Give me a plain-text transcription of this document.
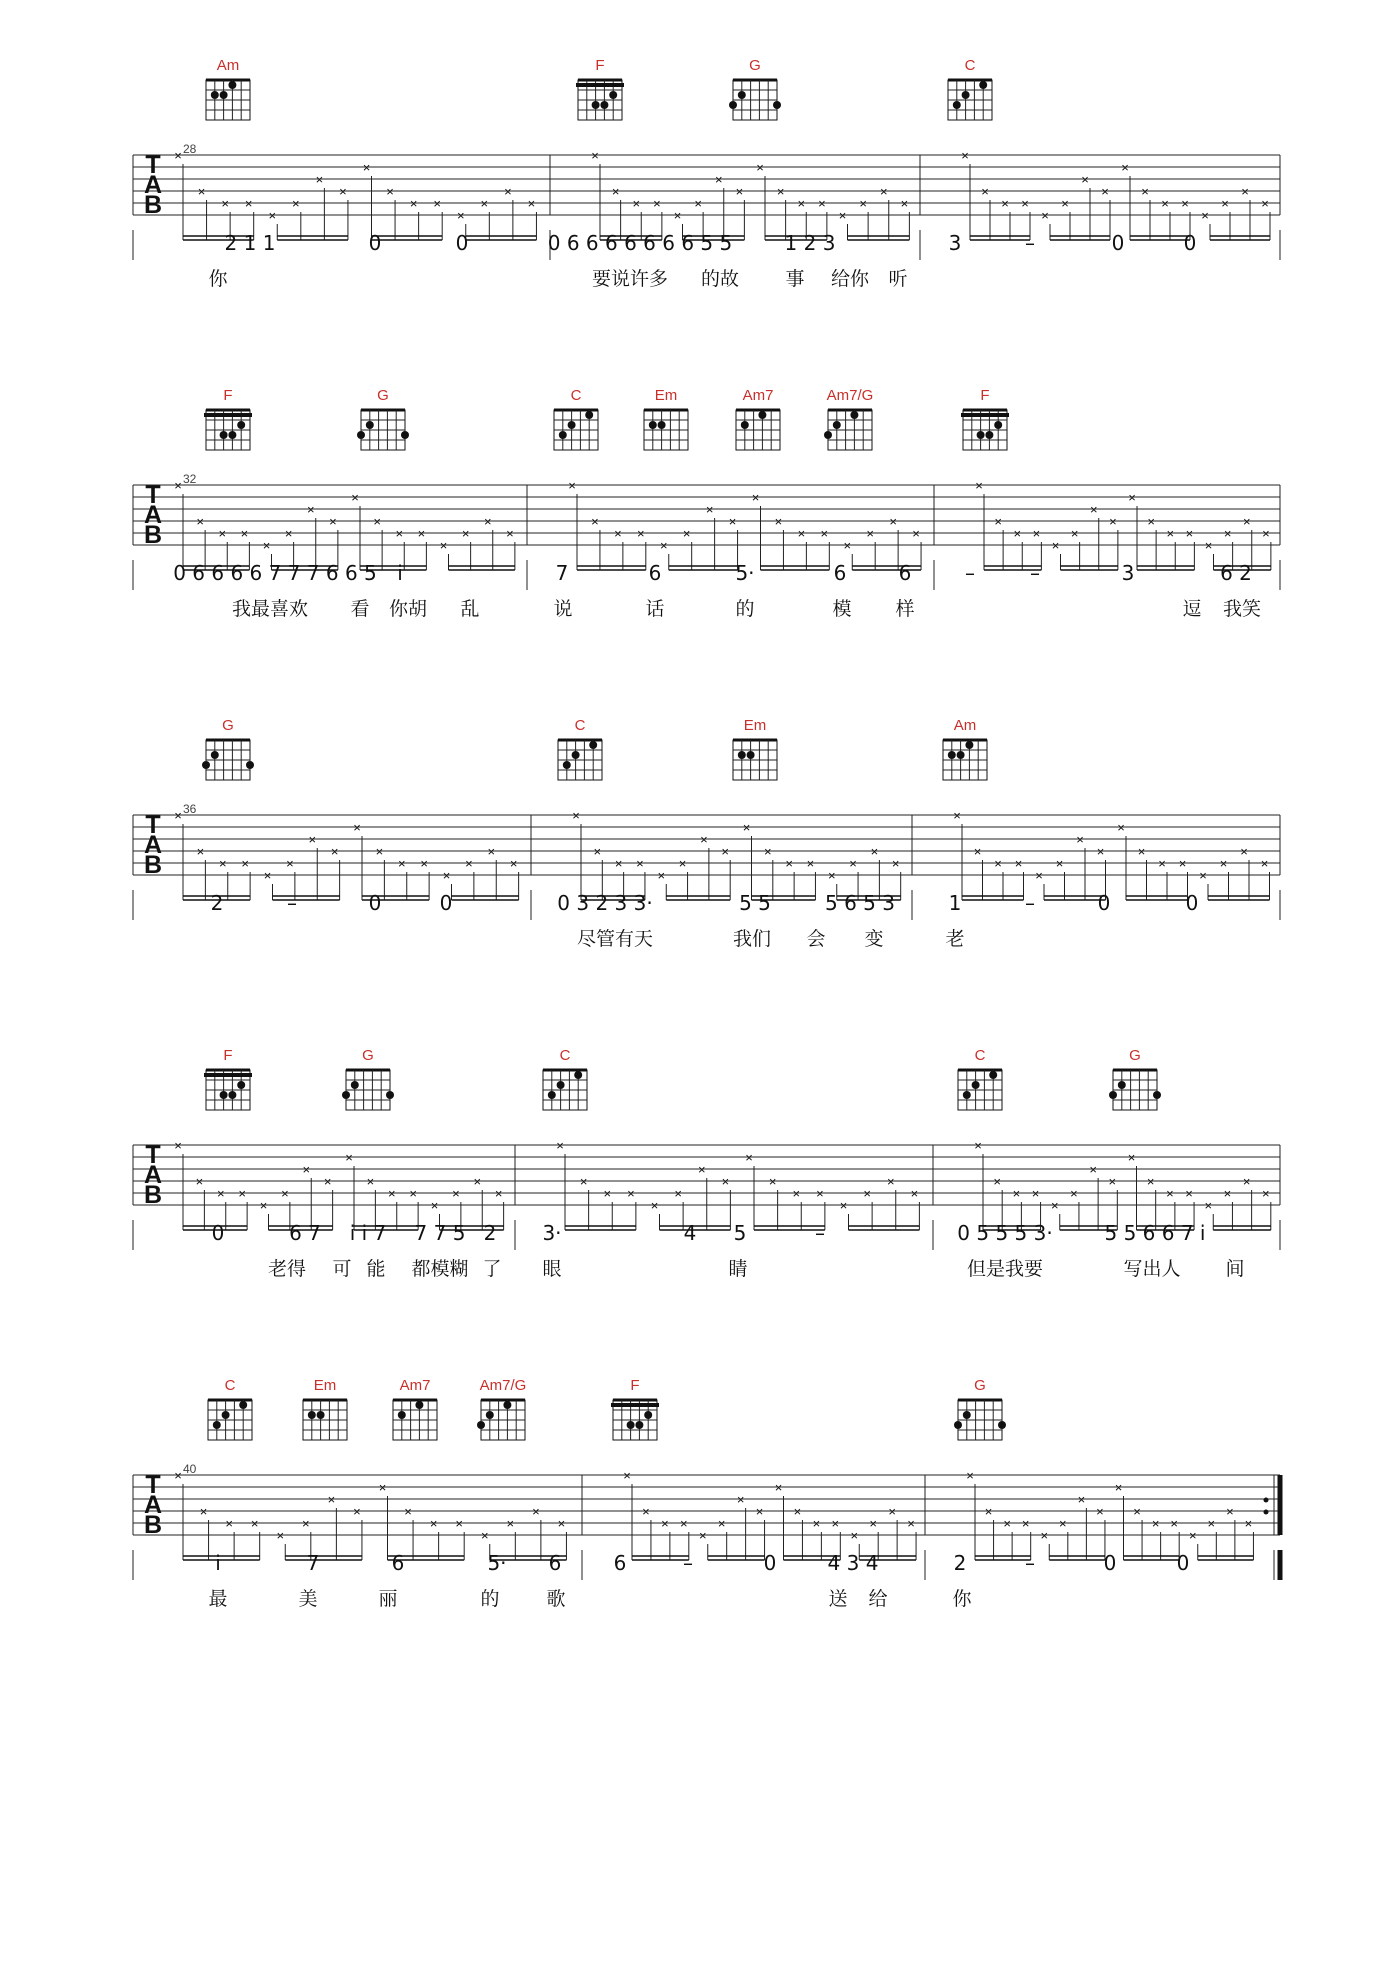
Am	F	G	C
T
A
B
28
×
×
× ×
×
×
×
×
×
×
× ×
×
×
×
×
×
×
× ×
×
×
×
×
×
×
× ×
×
×
×
×
×
×
× ×
×
×
×
×
×
×
× ×
×
×
×
×
2 1 1	0	0	0 6 6 6 6 6 6 6 5 5	1 2 3	3	–	0	0
你	要说许多 的故 事 给你 听
F	G	C	Em	Am7	Am7/G	F
T
A
B
32
×
×
× ×
×
×
×
×
×
×
× ×
×
×
×
×
×
×
× ×
×
×
×
×
×
×
× ×
×
×
×
×
×
×
× ×
×
×
×
×
×
×
× ×
×
×
×
×
0 6 6 6 6 7 7 7 6 6 5 i	7	6	5·	6	6	–	–	3	6 2
我最喜欢 看 你胡 乱	说	话	的	模 样	逗 我笑
G	C	Em	Am
T
A
B
36
×
×
× ×
×
×
×
×
×
×
× ×
×
×
×
×
×
×
× ×
×
×
×
×
×
×
× ×
×
×
×
×
×
×
× ×
×
×
×
×
×
×
× ×
×
×
×
×
2	–	0	0	0 3 2 3 3·	5 5	5 6 5 3	1	–	0	0
尽管有天	我们 会 变	老
F	G	C	C	G
T
A
B
×
×
× ×
×
×
×
×
×
×
× ×
×
×
×
×
×
×
× ×
×
×
×
×
×
×
× ×
×
×
×
×
×
×
× ×
×
×
×
×
×
×
× ×
×
×
×
×
0	6 7 i i 7 7 7 5 2 3·	4 5	–	0 5 5 5 3·	5 5 6 6 7 i
老得 可 能 都模糊 了 眼	睛	但是我要	写出人 间
C	Em	Am7	Am7/G	F	G
T
A
B
40
×
×
× ×
×
×
×
×
×
×
× ×
×
×
×
×
×
×
× ×
×
×
×
×
×
×
× ×
×
×
×
×
×
×
× ×
×
×
×
×
×
×
× ×
×
×
×
×
i	7	6	5· 6	6	–	0	4 3 4	2	–	0	0
最	美	丽	的 歌	送 给	你
